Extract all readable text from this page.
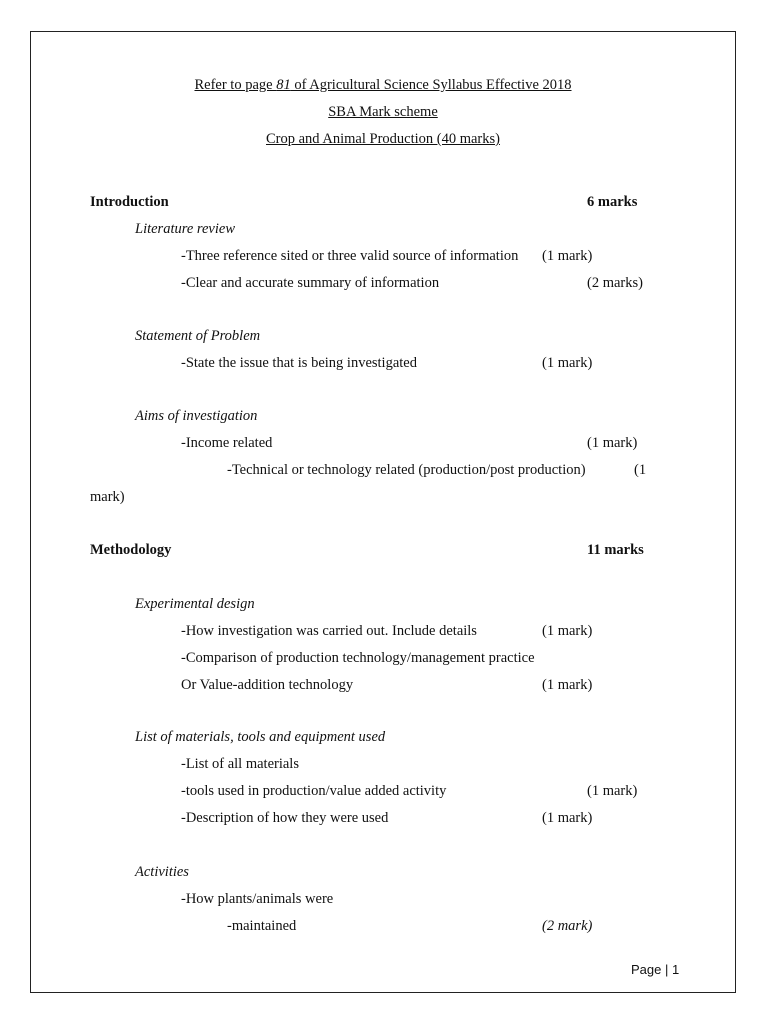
Refer to page 81 of Agricultural Science Syllabus Effective 2018
SBA Mark scheme
Crop and Animal Production (40 marks)
Introduction	6 marks
Literature review
-Three reference sited or three valid source of information (1 mark)
-Clear and accurate summary of information	(2 marks)
Statement of Problem
-State the issue that is being investigated	(1 mark)
Aims of investigation
-Income related	(1 mark)
-Technical or technology related (production/post production)	(1
mark)
Methodology	11 marks
Experimental design
-How investigation was carried out. Include details	(1 mark)
-Comparison of production technology/management practice
Or Value-addition technology	(1 mark)
List of materials, tools and equipment used
-List of all materials
-tools used in production/value added activity	(1 mark)
-Description of how they were used	(1 mark)
Activities
-How plants/animals were
-maintained	(2 mark)
Page | 1
